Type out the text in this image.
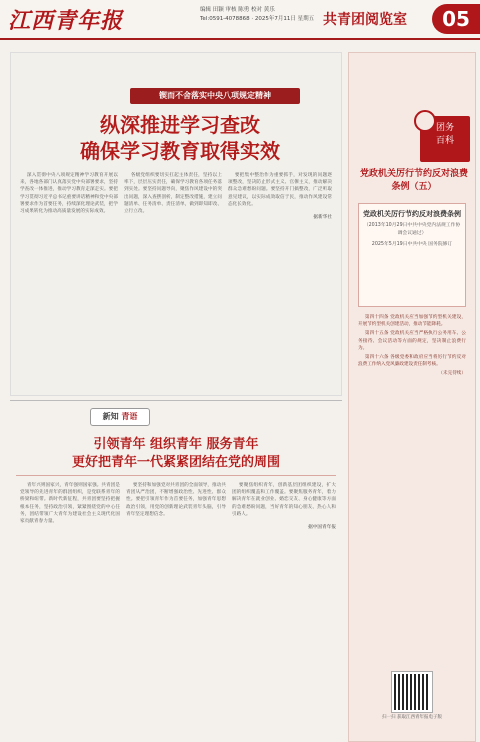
江西青年报	编辑 田颖 审核 陈勇 校对 黄乐
Tel:0591-4078868 · 2025年7月11日 星期五 共青团阅览室	05
锲而不舍落实中央八项规定精神
纵深推进学习查改
确保学习教育取得实效

深入贯彻中央八项规定精神学习教育开展以来，各地各部门认真落实党中央部署要求，坚持学查改一体推进，推动学习教育走深走实。要把学习贯彻习近平总书记重要讲话精神和党中央部署要求作为首要任务，持续深化理论武装，把学习成果转化为推动高质量发展的实际成效。

各级党组织要切实扛起主体责任，坚持以上率下，层层压实责任，确保学习教育各项任务落到实处。要坚持问题导向，聚焦作风建设中的突出问题，深入查摆剖析，制定整改措施，建立问题清单、任务清单、责任清单，做到即知即改、立行立改。

要把集中整治作为重要抓手，对发现的问题逐项整改，坚决防止形式主义、官僚主义，推动解决群众急难愁盼问题。要坚持开门搞整改，广泛听取意见建议，以实际成效取信于民，推动作风建设常态化长效化。

据新华社
团务
百科
党政机关厉行节约反对浪费条例（五）
党政机关厉行节约反对浪费条例
（2013年10月29日中共中央党内法规工作协调会议通过）
2025年5月19日中共中央 国务院修订

第四十四条 党政机关应当加强节约型机关建设，开展节约型机关创建活动，推动节能降耗。

第四十五条 党政机关应当严格执行公务用车、公务接待、会议活动等方面的规定，坚决制止浪费行为。

第四十六条 各级党委和政府应当将厉行节约反对浪费工作纳入党风廉政建设责任制考核。

（未完待续）
扫一扫 获取江西青年报电子版
新知 青语
引领青年 组织青年 服务青年
更好把青年一代紧紧团结在党的周围

青年兴则国家兴，青年强则国家强。共青团是党领导的先进青年的群团组织，是党联系青年的桥梁和纽带。新时代新征程，共青团要坚持把握根本任务，坚持政治引领，紧紧围绕党的中心任务，团结带领广大青年为建设社会主义现代化国家贡献青春力量。

要坚持和加强党对共青团的全面领导，推动共青团从严治团，不断增强政治性、先进性、群众性。要把引领青年作为首要任务，加强青年思想政治引领，用党的创新理论武装青年头脑，引导青年坚定理想信念。

要聚焦组织青年，创新基层团组织建设，扩大团的组织覆盖和工作覆盖。要聚焦服务青年，着力解决青年在就业创业、婚恋交友、身心健康等方面的急难愁盼问题，当好青年的知心朋友、热心人和引路人。

据中国青年报
